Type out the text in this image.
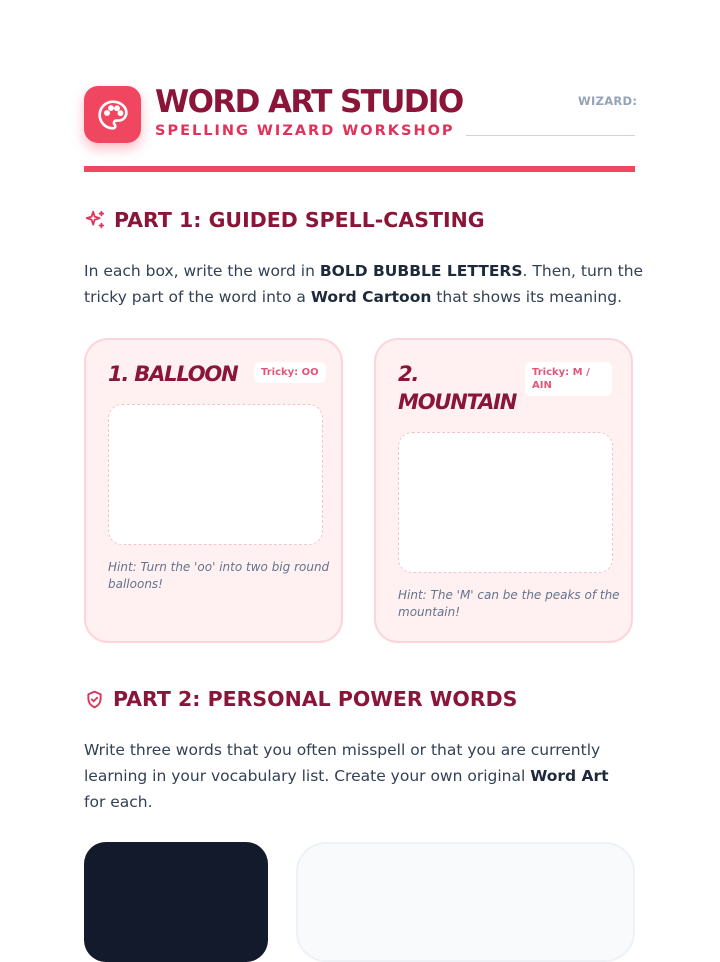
WORD ART STUDIO
SPELLING WIZARD WORKSHOP
WIZARD:
PART 1: GUIDED SPELL-CASTING
In each box, write the word in BOLD BUBBLE LETTERS. Then, turn the tricky part of the word into a Word Cartoon that shows its meaning.
1. BALLOON	Tricky: OO
Hint: Turn the 'oo' into two big round balloons!
2.
MOUNTAIN
Tricky: M / AIN
Hint: The 'M' can be the peaks of the mountain!
PART 2: PERSONAL POWER WORDS
Write three words that you often misspell or that you are currently learning in your vocabulary list. Create your own original Word Art for each.
